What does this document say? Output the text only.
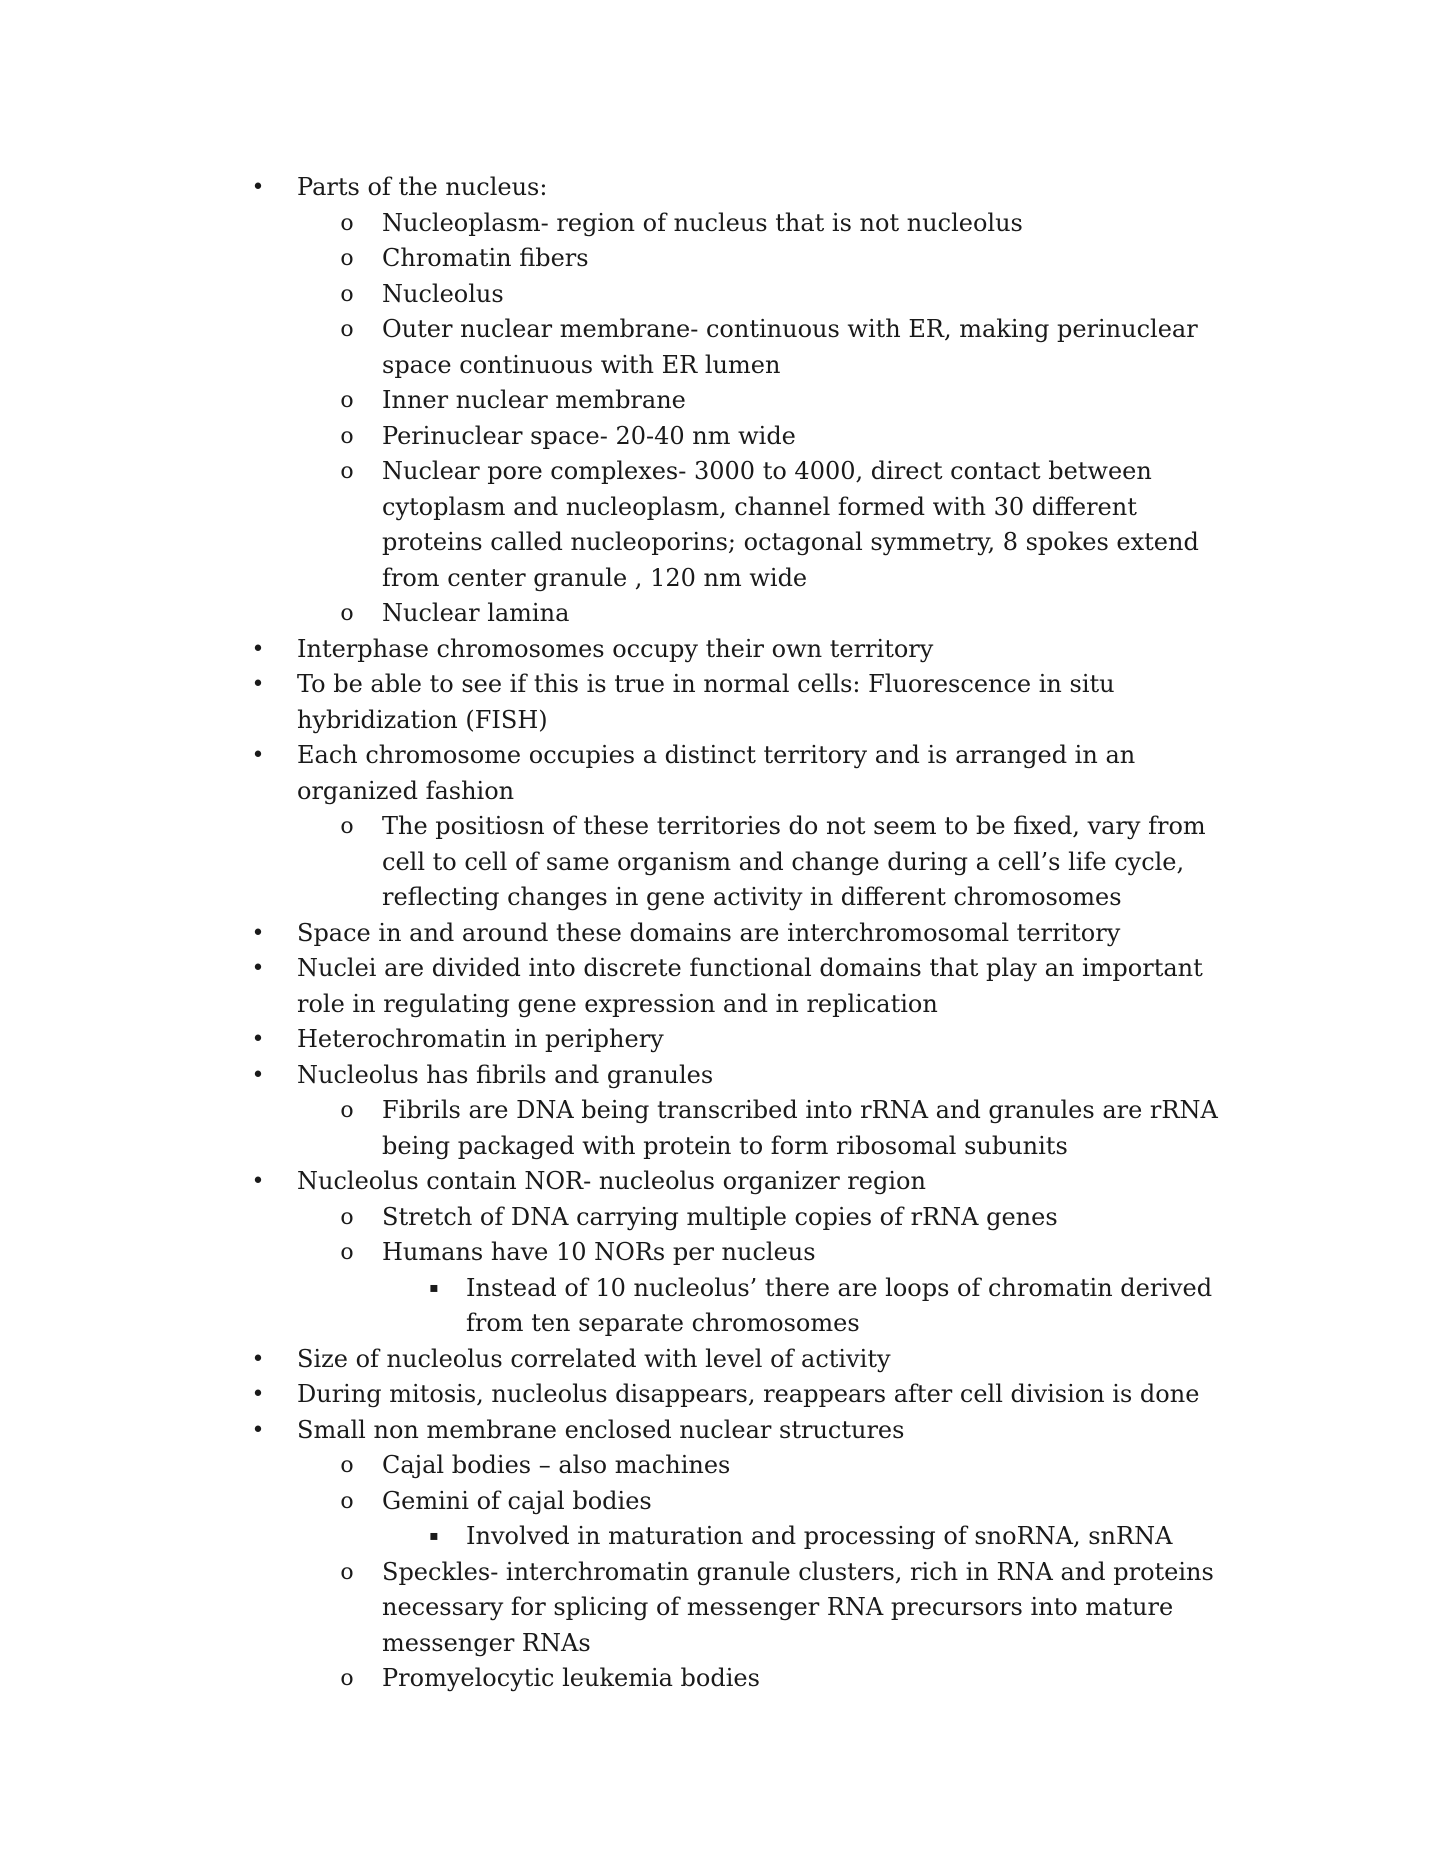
• Parts of the nucleus:
o Nucleoplasm- region of nucleus that is not nucleolus
o Chromatin fibers
o Nucleolus
o Outer nuclear membrane- continuous with ER, making perinuclear
space continuous with ER lumen
o Inner nuclear membrane
o Perinuclear space- 20-40 nm wide
o Nuclear pore complexes- 3000 to 4000, direct contact between
cytoplasm and nucleoplasm, channel formed with 30 different
proteins called nucleoporins; octagonal symmetry, 8 spokes extend
from center granule , 120 nm wide
o Nuclear lamina
• Interphase chromosomes occupy their own territory
• To be able to see if this is true in normal cells: Fluorescence in situ
hybridization (FISH)
• Each chromosome occupies a distinct territory and is arranged in an
organized fashion
o The positiosn of these territories do not seem to be fixed, vary from
cell to cell of same organism and change during a cell’s life cycle,
reflecting changes in gene activity in different chromosomes
• Space in and around these domains are interchromosomal territory
• Nuclei are divided into discrete functional domains that play an important
role in regulating gene expression and in replication
• Heterochromatin in periphery
• Nucleolus has fibrils and granules
o Fibrils are DNA being transcribed into rRNA and granules are rRNA
being packaged with protein to form ribosomal subunits
• Nucleolus contain NOR- nucleolus organizer region
o Stretch of DNA carrying multiple copies of rRNA genes
o Humans have 10 NORs per nucleus
▪ Instead of 10 nucleolus’ there are loops of chromatin derived
from ten separate chromosomes
• Size of nucleolus correlated with level of activity
• During mitosis, nucleolus disappears, reappears after cell division is done
• Small non membrane enclosed nuclear structures
o Cajal bodies – also machines
o Gemini of cajal bodies
▪ Involved in maturation and processing of snoRNA, snRNA
o Speckles- interchromatin granule clusters, rich in RNA and proteins
necessary for splicing of messenger RNA precursors into mature
messenger RNAs
o Promyelocytic leukemia bodies
